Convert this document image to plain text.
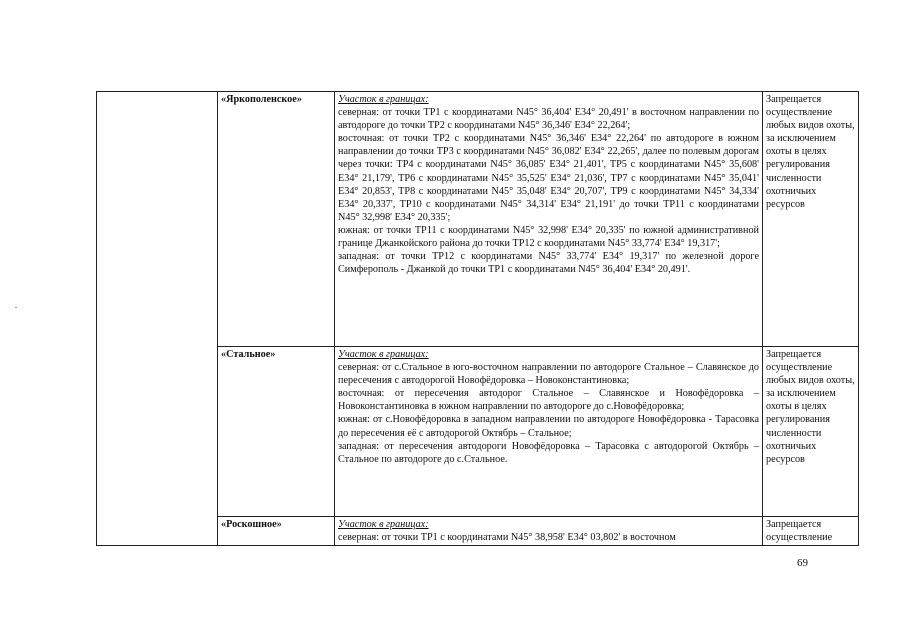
	«Яркополенское»	Участок в границах:
северная: от точки ТР1 с координатами N45° 36,404' E34° 20,491' в восточном направлении по автодороге до точки ТР2 с координатами N45° 36,346' E34° 22,264';
восточная: от точки ТР2 с координатами N45° 36,346' E34° 22,264' по автодороге в южном направлении до точки ТР3 с координатами N45° 36,082' E34° 22,265', далее по полевым дорогам через точки: ТР4 с координатами N45° 36,085' E34° 21,401', ТР5 с координатами N45° 35,608' E34° 21,179', ТР6 с координатами N45° 35,525' E34° 21,036', ТР7 с координатами N45° 35,041' E34° 20,853', ТР8 с координатами N45° 35,048' E34° 20,707', ТР9 с координатами N45° 34,334' E34° 20,337', ТР10 с координатами N45° 34,314' E34° 21,191' до точки ТР11 с координатами N45° 32,998' E34° 20,335';
южная: от точки ТР11 с координатами N45° 32,998' E34° 20,335' по южной административной границе Джанкойского района до точки ТР12 с координатами N45° 33,774' E34° 19,317';
западная: от точки ТР12 с координатами N45° 33,774' E34° 19,317' по железной дороге Симферополь - Джанкой до точки ТР1 с координатами N45° 36,404' E34° 20,491'.	Запрещается осуществление любых видов охоты, за исключением охоты в целях регулирования численности охотничьих ресурсов
	«Стальное»	Участок в границах:
северная: от с.Стальное в юго-восточном направлении по автодороге Стальное – Славянское до пересечения с автодорогой Новофёдоровка – Новоконстантиновка;
восточная: от пересечения автодорог Стальное – Славянское и Новофёдоровка – Новоконстантиновка в южном направлении по автодороге до с.Новофёдоровка;
южная: от с.Новофёдоровка в западном направлении по автодороге Новофёдоровка - Тарасовка до пересечения её с автодорогой Октябрь – Стальное;
западная: от пересечения автодороги Новофёдоровка – Тарасовка с автодорогой Октябрь – Стальное по автодороге до с.Стальное.	Запрещается осуществление любых видов охоты, за исключением охоты в целях регулирования численности охотничьих ресурсов
	«Роскошное»	Участок в границах:
северная: от точки ТР1 с координатами N45° 38,958' E34° 03,802' в восточном	Запрещается осуществление
69
